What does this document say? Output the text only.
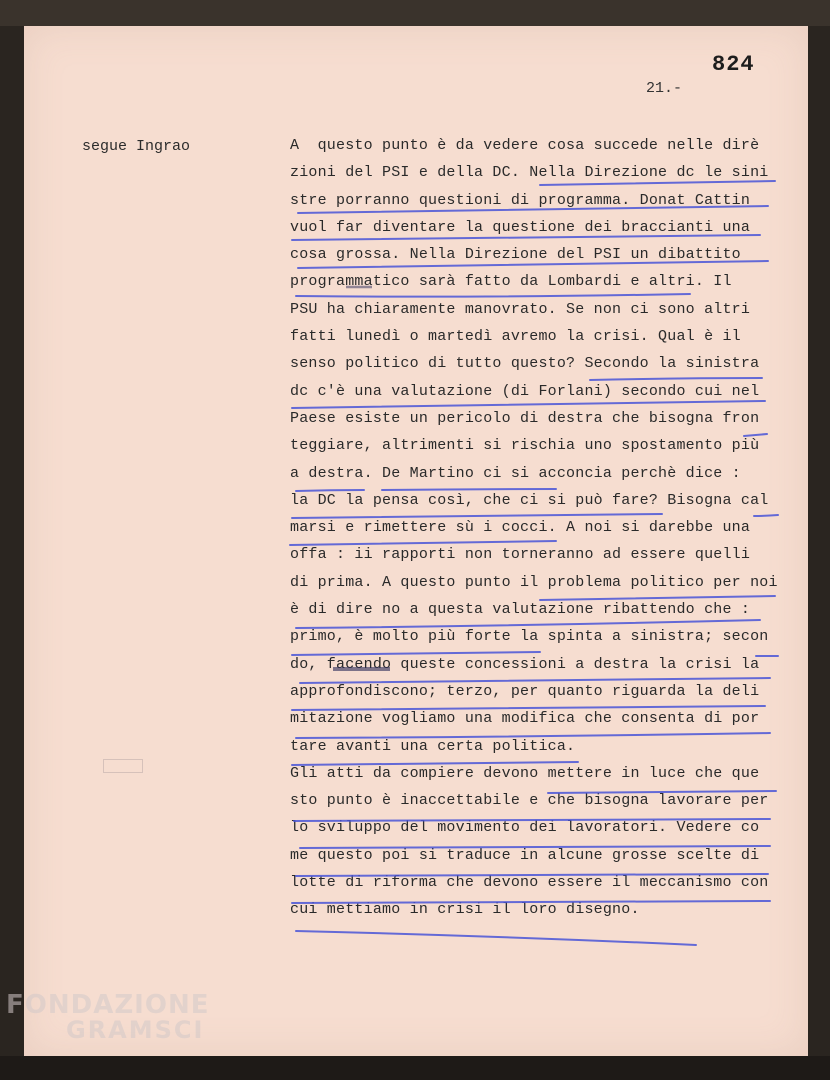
824
21.-
segue Ingrao	A  questo punto è da vedere cosa succede nelle dirè
zioni del PSI e della DC. Nella Direzione dc le sini
stre porranno questioni di programma. Donat Cattin
vuol far diventare la questione dei braccianti una
cosa grossa. Nella Direzione del PSI un dibattito
programmatico sarà fatto da Lombardi e altri. Il
PSU ha chiaramente manovrato. Se non ci sono altri
fatti lunedì o martedì avremo la crisi. Qual è il
senso politico di tutto questo? Secondo la sinistra
dc c'è una valutazione (di Forlani) secondo cui nel
Paese esiste un pericolo di destra che bisogna fron
teggiare, altrimenti si rischia uno spostamento più
a destra. De Martino ci si acconcia perchè dice :
la DC la pensa così, che ci si può fare? Bisogna cal
marsi e rimettere sù i cocci. A noi si darebbe una
offa : ii rapporti non torneranno ad essere quelli
di prima. A questo punto il problema politico per noi
è di dire no a questa valutazione ribattendo che :
primo, è molto più forte la spinta a sinistra; secon
do, facendo queste concessioni a destra la crisi la
approfondiscono; terzo, per quanto riguarda la deli
mitazione vogliamo una modifica che consenta di por
tare avanti una certa politica.
Gli atti da compiere devono mettere in luce che que
sto punto è inaccettabile e che bisogna lavorare per
lo sviluppo del movimento dei lavoratori. Vedere co
me questo poi si traduce in alcune grosse scelte di
lotte di riforma che devono essere il meccanismo con
cui mettiamo in crisi il loro disegno.
FONDAZIONE
GRAMSCI
